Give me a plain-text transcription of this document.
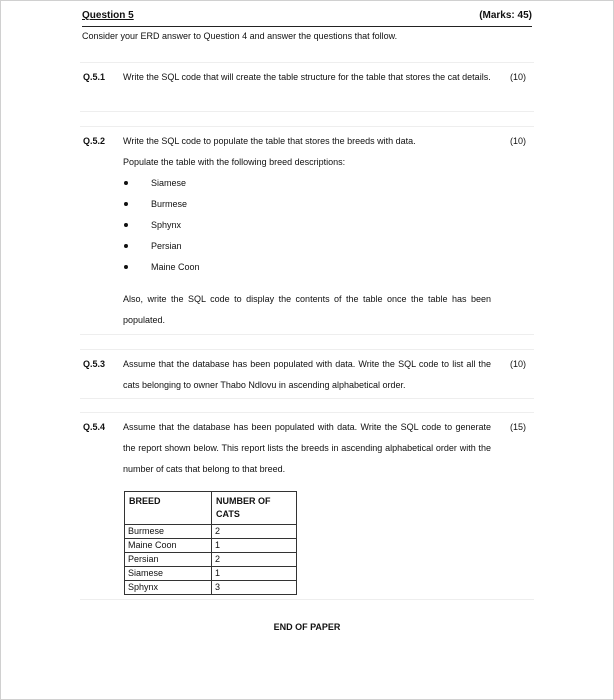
Question 5	(Marks: 45)
Consider your ERD answer to Question 4 and answer the questions that follow.
Q.5.1 Write the SQL code that will create the table structure for the table that stores the cat details. (10)
Q.5.2 Write the SQL code to populate the table that stores the breeds with data.
Populate the table with the following breed descriptions:
(10)
Siamese
Burmese
Sphynx
Persian
Maine Coon
Also, write the SQL code to display the contents of the table once the table has been populated.
Q.5.3 Assume that the database has been populated with data. Write the SQL code to list all the cats belonging to owner Thabo Ndlovu in ascending alphabetical order.
(10)
Q.5.4 Assume that the database has been populated with data. Write the SQL code to generate the report shown below. This report lists the breeds in ascending alphabetical order with the number of cats that belong to that breed.
(15)
BREED	NUMBER OF CATS
Burmese	2
Maine Coon	1
Persian	2
Siamese	1
Sphynx	3
END OF PAPER
